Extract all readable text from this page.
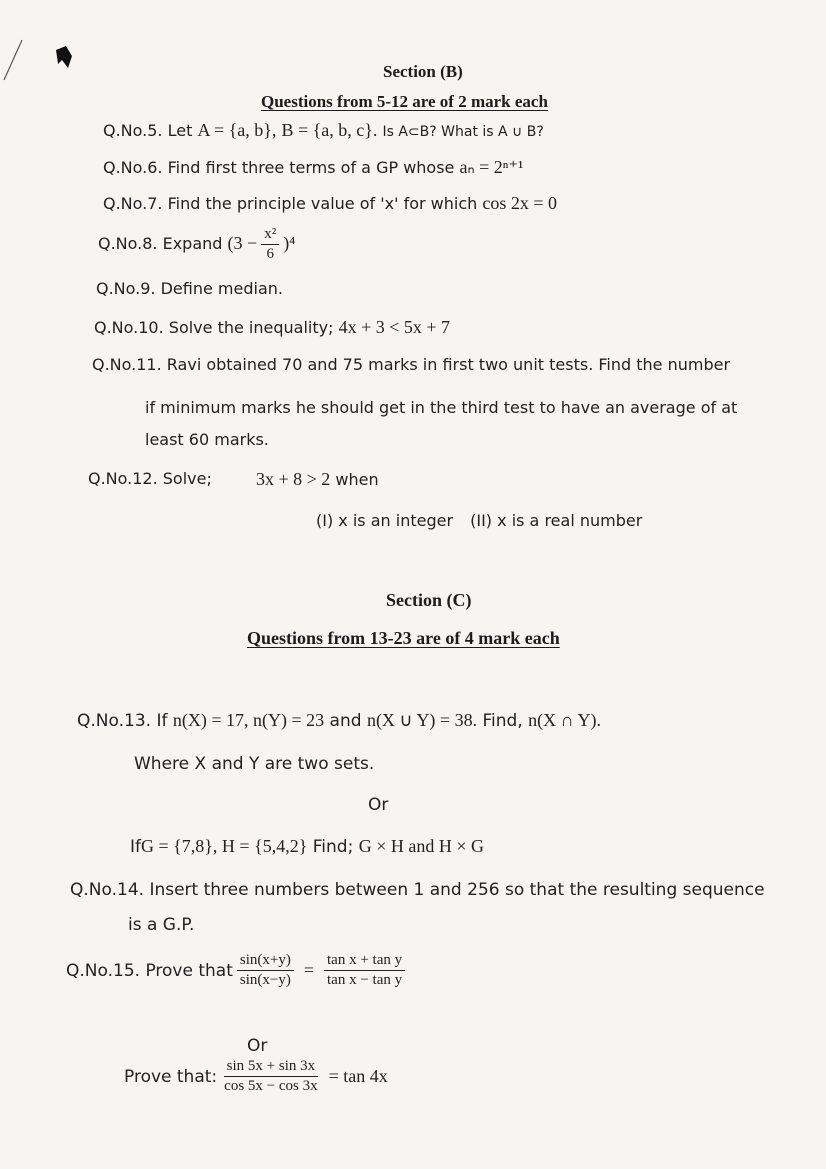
Section (B)
Questions from 5-12 are of 2 mark each
Q.No.5. Let A = {a, b}, B = {a, b, c}. Is A⊂B? What is A ∪ B?
Q.No.6. Find first three terms of a GP whose aₙ = 2ⁿ⁺¹
Q.No.7. Find the principle value of 'x' for which cos 2x = 0
Q.No.8. Expand $(3 - \frac{\text{x²}}{6} )^4$
Q.No.9. Define median.
Q.No.10. Solve the inequality; 4x + 3 < 5x + 7
Q.No.11. Ravi obtained 70 and 75 marks in first two unit tests. Find the number
if minimum marks he should get in the third test to have an average of at
least 60 marks.
Q.No.12. Solve; 3x + 8 > 2 when
(I) x is an integer (II) x is a real number
Section (C)
Questions from 13-23 are of 4 mark each
Q.No.13. If n(X) = 17, n(Y) = 23 and n(X ∪ Y) = 38. Find, n(X ∩ Y).
Where X and Y are two sets.
Or
IfG = {7,8}, H = {5,4,2} Find; G × H and H × G
Q.No.14. Insert three numbers between 1 and 256 so that the resulting sequence
is a G.P.
Q.No.15. Prove that $\frac{\sin(x+y)}{\sin(x-y)} = \frac{\text{tan x + tan y}}{\text{tan x − tan y}}$
Or
Prove that: $\frac{\sin 5x + \sin 3x}{\cos 5x - \cos 3x} = \tan 4x$
